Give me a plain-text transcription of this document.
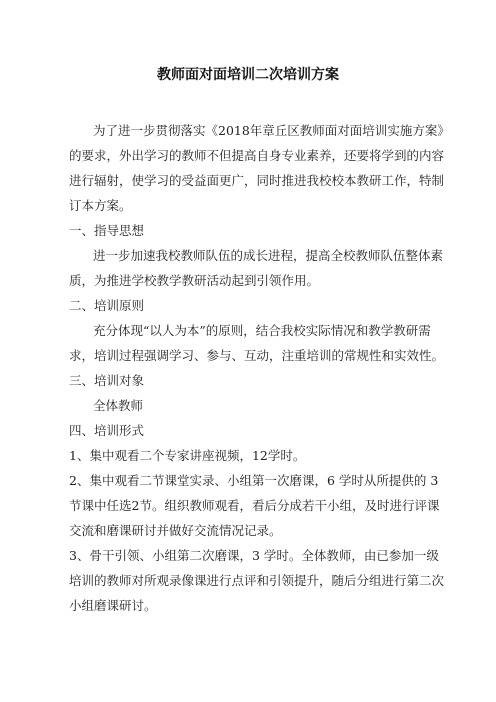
教师面对面培训二次培训方案
为了进一步贯彻落实《2018年章丘区教师面对面培训实施方案》
的要求，外出学习的教师不但提高自身专业素养，还要将学到的内容
进行辐射，使学习的受益面更广，同时推进我校校本教研工作，特制
订本方案。
一、指导思想
进一步加速我校教师队伍的成长进程，提高全校教师队伍整体素
质，为推进学校教学教研活动起到引领作用。
二、培训原则
充分体现“以人为本”的原则，结合我校实际情况和教学教研需
求，培训过程强调学习、参与、互动，注重培训的常规性和实效性。
三、培训对象
全体教师
四、培训形式
1、集中观看二个专家讲座视频，12学时。
2、集中观看二节课堂实录、小组第一次磨课，6 学时从所提供的 3
节课中任选2节。组织教师观看，看后分成若干小组，及时进行评课
交流和磨课研讨并做好交流情况记录。
3、骨干引领、小组第二次磨课，3 学时。全体教师，由已参加一级
培训的教师对所观录像课进行点评和引领提升，随后分组进行第二次
小组磨课研讨。
